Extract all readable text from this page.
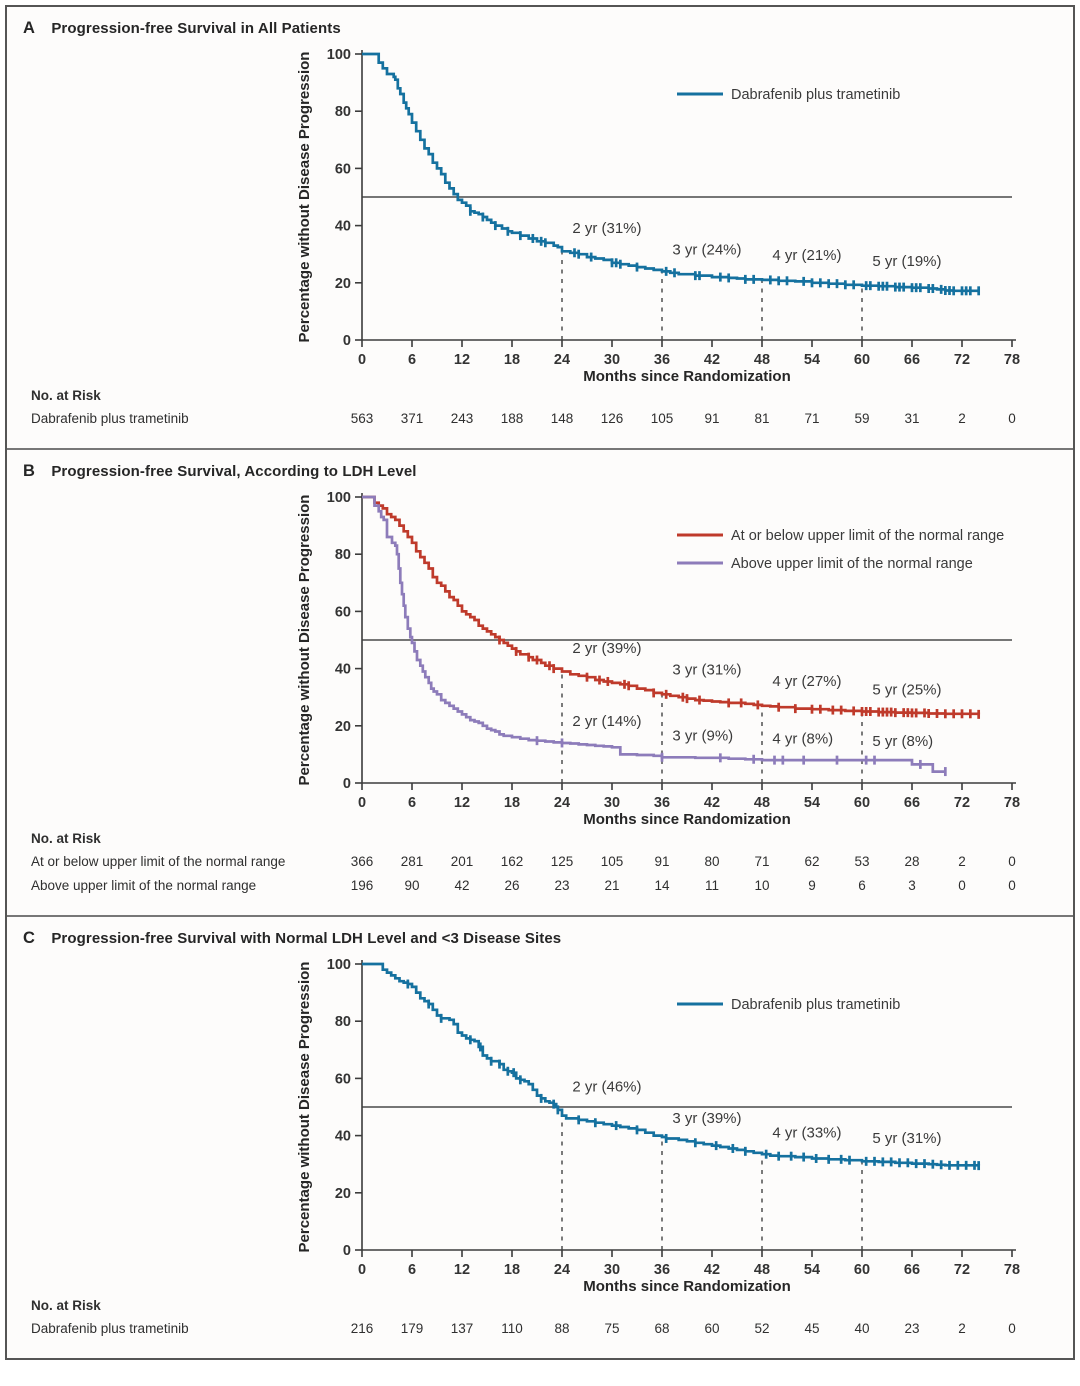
A Progression-free Survival in All Patients
0
20
40
60
80
100
0	6	12 18 24 30 36 42 48 54 60 66 72 78
Months since Randomization
Percentage without Disease Progression	2 yr (31%)
3 yr (24%) 4 yr (21%) 5 yr (19%)
Dabrafenib plus trametinib
No. at Risk
Dabrafenib plus trametinib	563	371	243	188	148	126	105	91	81	71	59	31	2	0
B Progression-free Survival, According to LDH Level
0
20
40
60
80
100
0	6	12 18 24 30 36 42 48 54 60 66 72 78
Months since Randomization
Percentage without Disease Progression	2 yr (39%)
3 yr (31%)
4 yr (27%)
5 yr (25%)
2 yr (14%)
3 yr (9%)	4 yr (8%)	5 yr (8%)
At or below upper limit of the normal range
Above upper limit of the normal range
No. at Risk
At or below upper limit of the normal range	366	281	201	162	125	105	91	80	71	62	53	28	2	0
Above upper limit of the normal range	196	90	42	26	23	21	14	11	10	9	6	3	0	0
C Progression-free Survival with Normal LDH Level and <3 Disease Sites
0
20
40
60
80
100
0	6	12 18 24 30 36 42 48 54 60 66 72 78
Months since Randomization
Percentage without Disease Progression	2 yr (46%)
3 yr (39%)
4 yr (33%) 5 yr (31%)
Dabrafenib plus trametinib
No. at Risk
Dabrafenib plus trametinib	216	179	137	110	88	75	68	60	52	45	40	23	2	0
